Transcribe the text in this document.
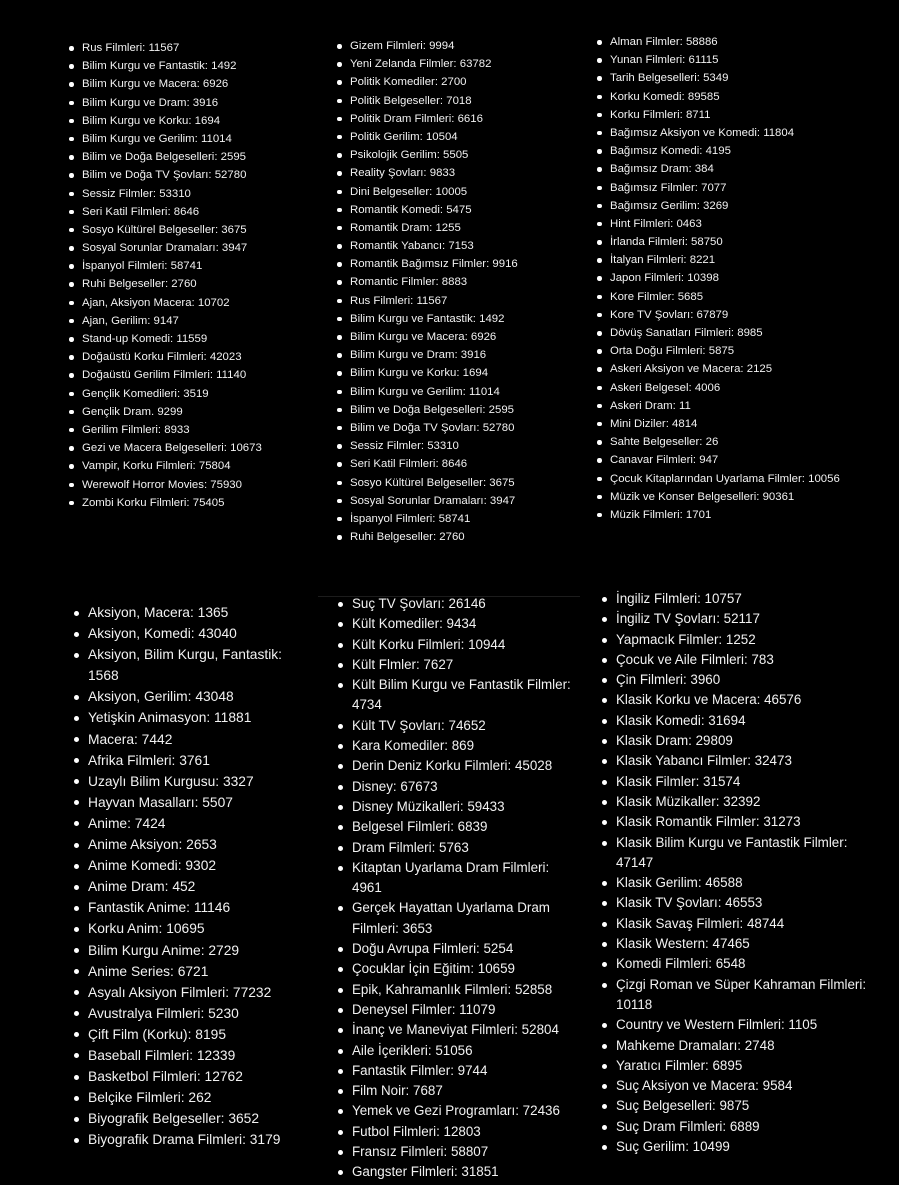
Rus Filmleri: 11567
Bilim Kurgu ve Fantastik: 1492
Bilim Kurgu ve Macera: 6926
Bilim Kurgu ve Dram: 3916
Bilim Kurgu ve Korku: 1694
Bilim Kurgu ve Gerilim: 11014
Bilim ve Doğa Belgeselleri: 2595
Bilim ve Doğa TV Şovları: 52780
Sessiz Filmler: 53310
Seri Katil Filmleri: 8646
Sosyo Kültürel Belgeseller: 3675
Sosyal Sorunlar Dramaları: 3947
İspanyol Filmleri: 58741
Ruhi Belgeseller: 2760
Ajan, Aksiyon Macera: 10702
Ajan, Gerilim: 9147
Stand-up Komedi: 11559
Doğaüstü Korku Filmleri: 42023
Doğaüstü Gerilim Filmleri: 11140
Gençlik Komedileri: 3519
Gençlik Dram. 9299
Gerilim Filmleri: 8933
Gezi ve Macera Belgeselleri: 10673
Vampir, Korku Filmleri: 75804
Werewolf Horror Movies: 75930
Zombi Korku Filmleri: 75405
Gizem Filmleri: 9994
Yeni Zelanda Filmler: 63782
Politik Komediler: 2700
Politik Belgeseller: 7018
Politik Dram Filmleri: 6616
Politik Gerilim: 10504
Psikolojik Gerilim: 5505
Reality Şovları: 9833
Dini Belgeseller: 10005
Romantik Komedi: 5475
Romantik Dram: 1255
Romantik Yabancı: 7153
Romantik Bağımsız Filmler: 9916
Romantic Filmler: 8883
Rus Filmleri: 11567
Bilim Kurgu ve Fantastik: 1492
Bilim Kurgu ve Macera: 6926
Bilim Kurgu ve Dram: 3916
Bilim Kurgu ve Korku: 1694
Bilim Kurgu ve Gerilim: 11014
Bilim ve Doğa Belgeselleri: 2595
Bilim ve Doğa TV Şovları: 52780
Sessiz Filmler: 53310
Seri Katil Filmleri: 8646
Sosyo Kültürel Belgeseller: 3675
Sosyal Sorunlar Dramaları: 3947
İspanyol Filmleri: 58741
Ruhi Belgeseller: 2760
Alman Filmler: 58886
Yunan Filmleri: 61115
Tarih Belgeselleri: 5349
Korku Komedi: 89585
Korku Filmleri: 8711
Bağımsız Aksiyon ve Komedi: 11804
Bağımsız Komedi: 4195
Bağımsız Dram: 384
Bağımsız Filmler: 7077
Bağımsız Gerilim: 3269
Hint Filmleri: 0463
İrlanda Filmleri: 58750
İtalyan Filmleri: 8221
Japon Filmleri: 10398
Kore Filmler: 5685
Kore TV Şovları: 67879
Dövüş Sanatları Filmleri: 8985
Orta Doğu Filmleri: 5875
Askeri Aksiyon ve Macera: 2125
Askeri Belgesel: 4006
Askeri Dram: 11
Mini Diziler: 4814
Sahte Belgeseller: 26
Canavar Filmleri: 947
Çocuk Kitaplarından Uyarlama Filmler: 10056
Müzik ve Konser Belgeselleri: 90361
Müzik Filmleri: 1701
Aksiyon, Macera: 1365
Aksiyon, Komedi: 43040
Aksiyon, Bilim Kurgu, Fantastik: 1568
Aksiyon, Gerilim: 43048
Yetişkin Animasyon: 11881
Macera: 7442
Afrika Filmleri: 3761
Uzaylı Bilim Kurgusu: 3327
Hayvan Masalları: 5507
Anime: 7424
Anime Aksiyon: 2653
Anime Komedi: 9302
Anime Dram: 452
Fantastik Anime: 11146
Korku Anim: 10695
Bilim Kurgu Anime: 2729
Anime Series: 6721
Asyalı Aksiyon Filmleri: 77232
Avustralya Filmleri: 5230
Çift Film (Korku): 8195
Baseball Filmleri: 12339
Basketbol Filmleri: 12762
Belçike Filmleri: 262
Biyografik Belgeseller: 3652
Biyografik Drama Filmleri: 3179
Suç TV Şovları: 26146
Kült Komediler: 9434
Kült Korku Filmleri: 10944
Kült Flmler: 7627
Kült Bilim Kurgu ve Fantastik Filmler: 4734
Kült TV Şovları: 74652
Kara Komediler: 869
Derin Deniz Korku Filmleri: 45028
Disney: 67673
Disney Müzikalleri: 59433
Belgesel Filmleri: 6839
Dram Filmleri: 5763
Kitaptan Uyarlama Dram Filmleri: 4961
Gerçek Hayattan Uyarlama Dram Filmleri: 3653
Doğu Avrupa Filmleri: 5254
Çocuklar İçin Eğitim: 10659
Epik, Kahramanlık Filmleri: 52858
Deneysel Filmler: 11079
İnanç ve Maneviyat Filmleri: 52804
Aile İçerikleri: 51056
Fantastik Filmler: 9744
Film Noir: 7687
Yemek ve Gezi Programları: 72436
Futbol Filmleri: 12803
Fransız Filmleri: 58807
Gangster Filmleri: 31851
İngiliz Filmleri: 10757
İngiliz TV Şovları: 52117
Yapmacık Filmler: 1252
Çocuk ve Aile Filmleri: 783
Çin Filmleri: 3960
Klasik Korku ve Macera: 46576
Klasik Komedi: 31694
Klasik Dram: 29809
Klasik Yabancı Filmler: 32473
Klasik Filmler: 31574
Klasik Müzikaller: 32392
Klasik Romantik Filmler: 31273
Klasik Bilim Kurgu ve Fantastik Filmler: 47147
Klasik Gerilim: 46588
Klasik TV Şovları: 46553
Klasik Savaş Filmleri: 48744
Klasik Western: 47465
Komedi Filmleri: 6548
Çizgi Roman ve Süper Kahraman Filmleri: 10118
Country ve Western Filmleri: 1105
Mahkeme Dramaları: 2748
Yaratıcı Filmler: 6895
Suç Aksiyon ve Macera: 9584
Suç Belgeselleri: 9875
Suç Dram Filmleri: 6889
Suç Gerilim: 10499
